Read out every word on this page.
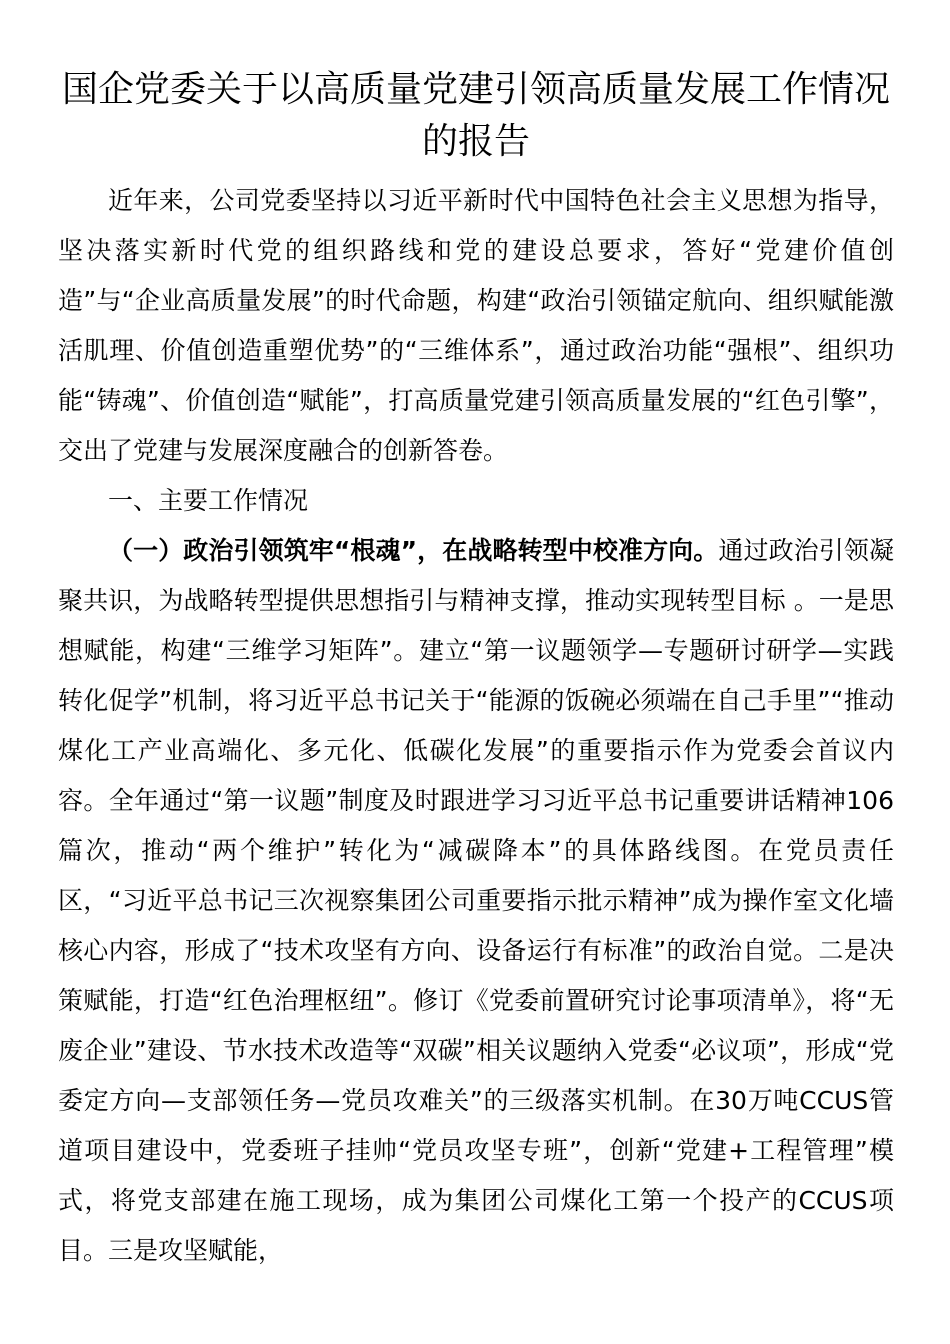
国企党委关于以高质量党建引领高质量发展工作情况的报告

近年来，公司党委坚持以习近平新时代中国特色社会主义思想为指导，坚决落实新时代党的组织路线和党的建设总要求，答好“党建价值创造”与“企业高质量发展”的时代命题，构建“政治引领锚定航向、组织赋能激活肌理、价值创造重塑优势”的“三维体系”，通过政治功能“强根”、组织功能“铸魂”、价值创造“赋能”，打高质量党建引领高质量发展的“红色引擎”，交出了党建与发展深度融合的创新答卷。

一、主要工作情况

（一）政治引领筑牢“根魂”，在战略转型中校准方向。通过政治引领凝聚共识，为战略转型提供思想指引与精神支撑，推动实现转型目标 。一是思想赋能，构建“三维学习矩阵”。建立“第一议题领学—专题研讨研学—实践转化促学”机制，将习近平总书记关于“能源的饭碗必须端在自己手里”“推动煤化工产业高端化、多元化、低碳化发展”的重要指示作为党委会首议内容。全年通过“第一议题”制度及时跟进学习习近平总书记重要讲话精神106篇次，推动“两个维护”转化为“减碳降本”的具体路线图。在党员责任区，“习近平总书记三次视察集团公司重要指示批示精神”成为操作室文化墙核心内容，形成了“技术攻坚有方向、设备运行有标准”的政治自觉。二是决策赋能，打造“红色治理枢纽”。修订《党委前置研究讨论事项清单》，将“无废企业”建设、节水技术改造等“双碳”相关议题纳入党委“必议项”，形成“党委定方向—支部领任务—党员攻难关”的三级落实机制。在30万吨CCUS管道项目建设中，党委班子挂帅“党员攻坚专班”，创新“党建+工程管理”模式，将党支部建在施工现场，成为集团公司煤化工第一个投产的CCUS项目。三是攻坚赋能，
